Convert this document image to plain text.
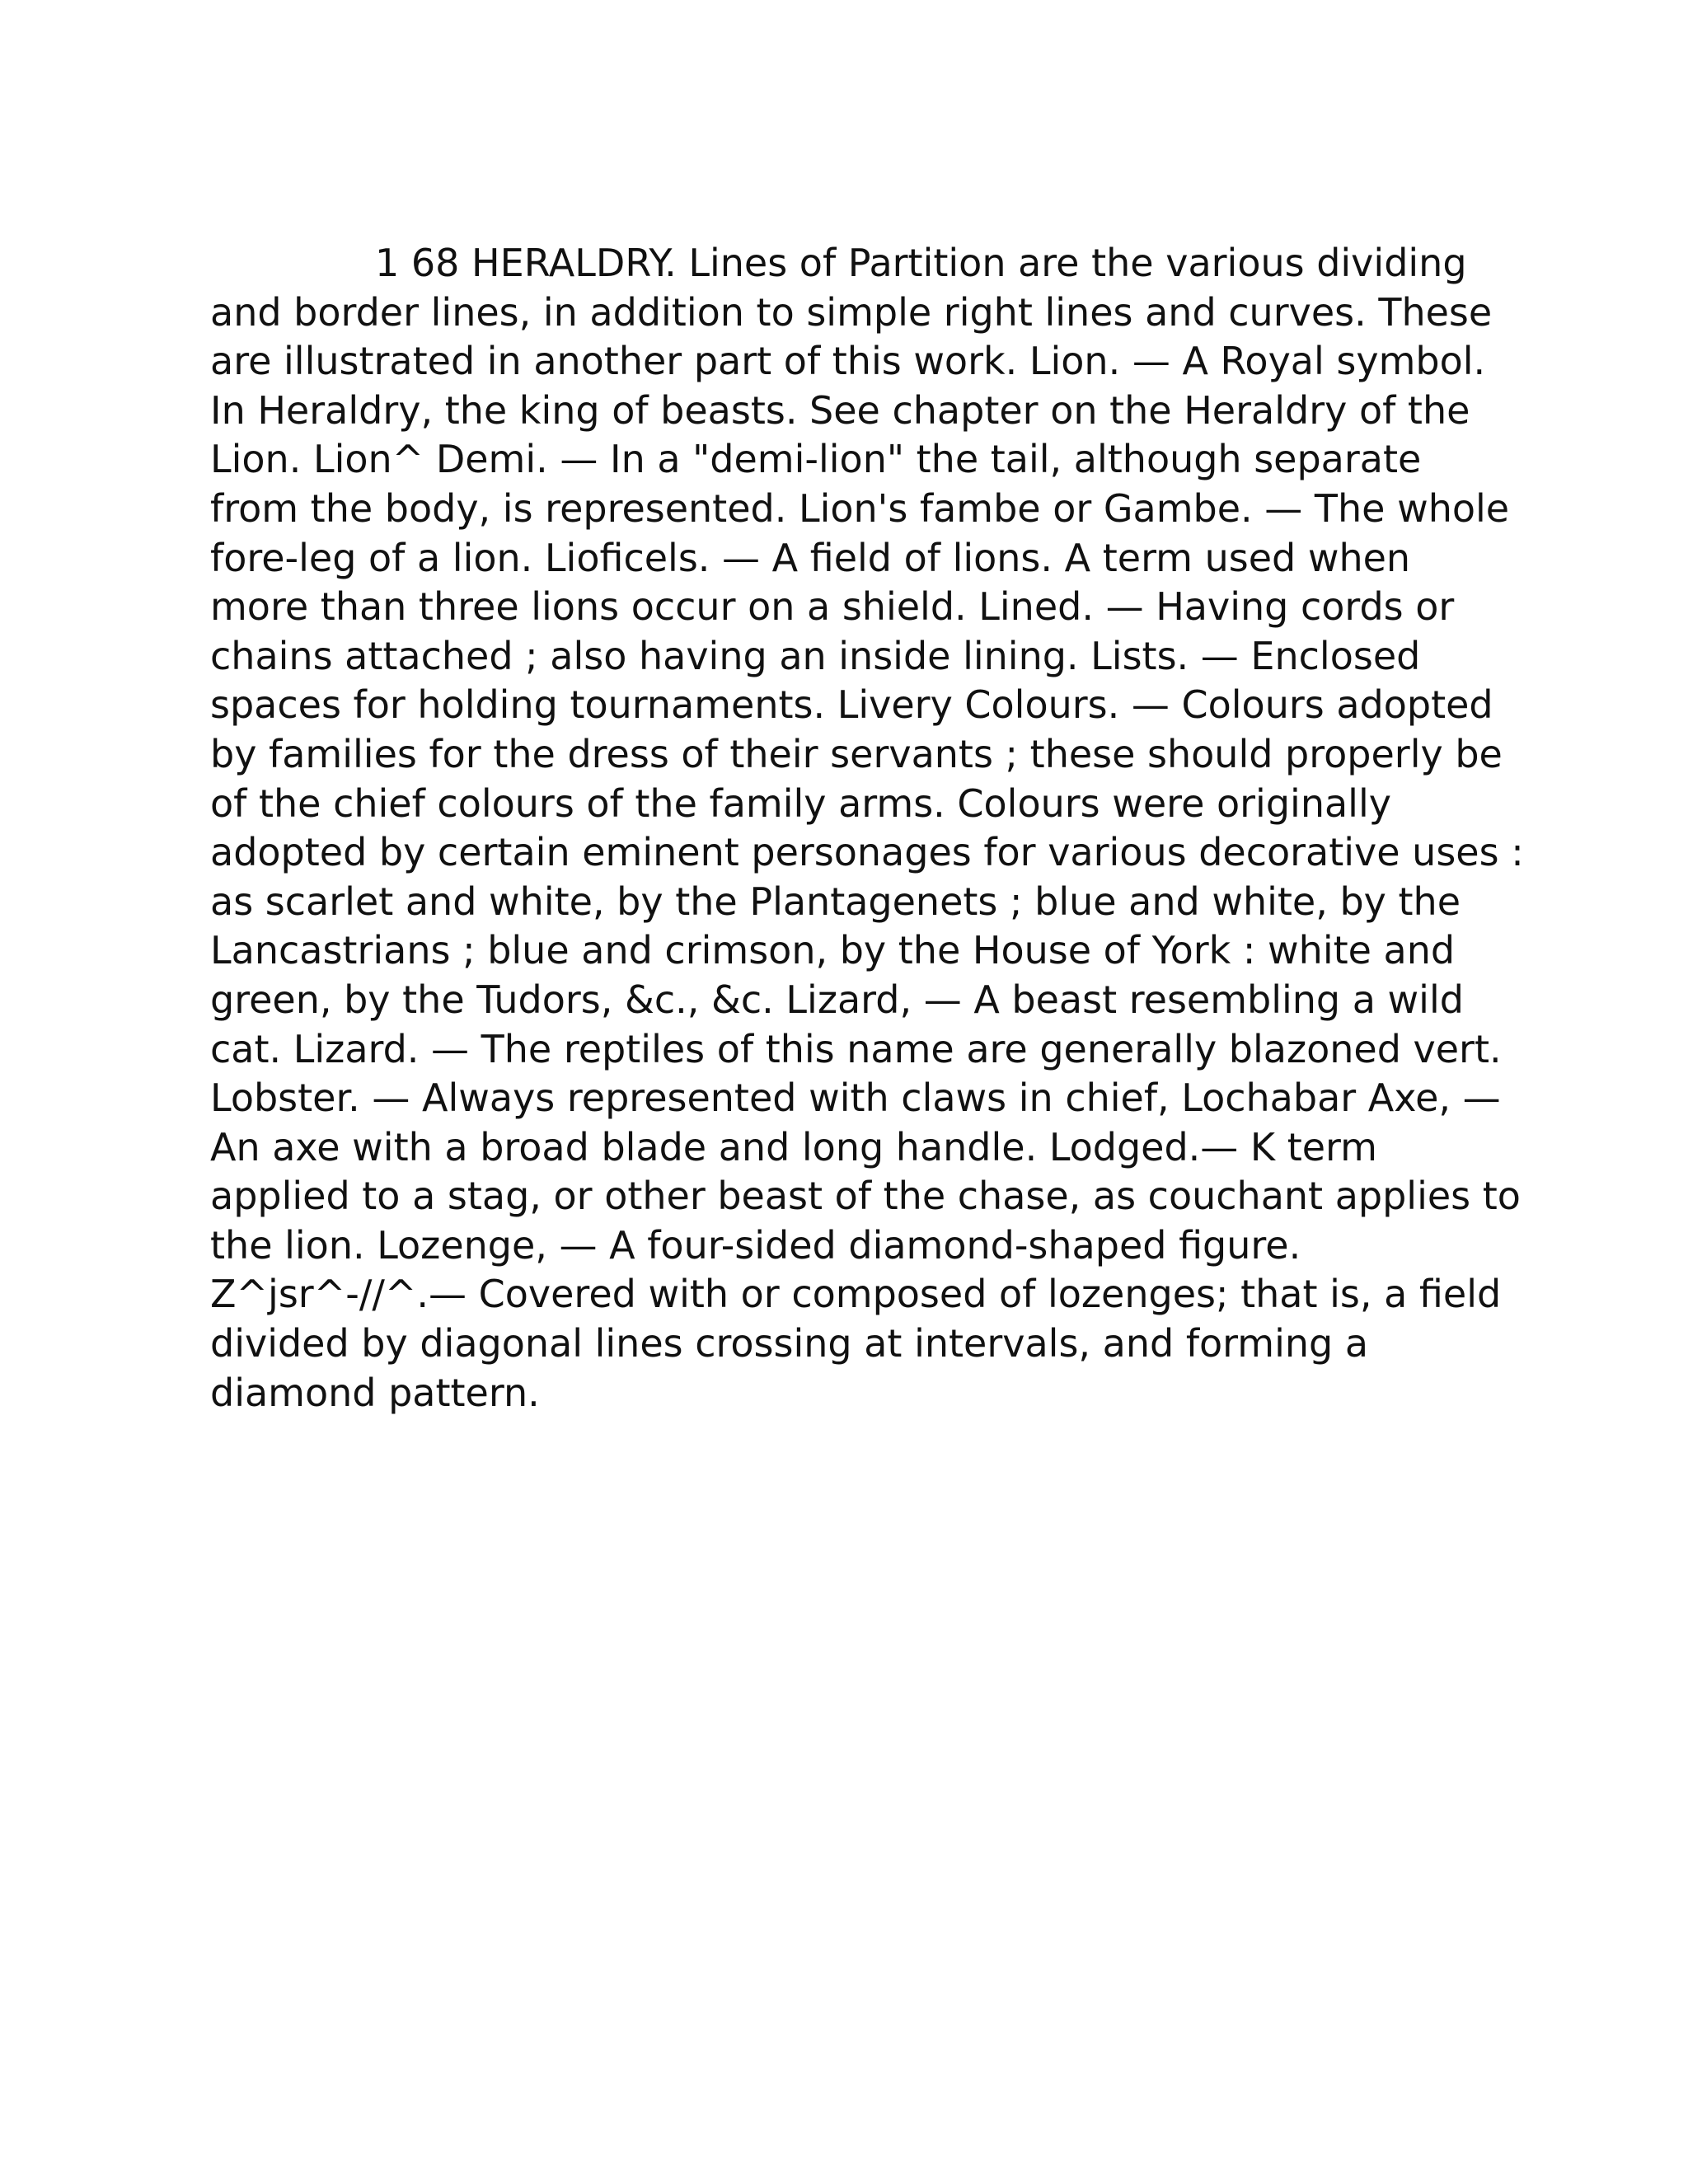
1 68 HERALDRY. Lines of Partition are the various dividing
and border lines, in addition to simple right lines and curves. These
are illustrated in another part of this work. Lion. — A Royal symbol.
In Heraldry, the king of beasts. See chapter on the Heraldry of the
Lion. Lion^ Demi. — In a "demi-lion" the tail, although separate
from the body, is represented. Lion's fambe or Gambe. — The whole
fore-leg of a lion. Lioficels. — A field of lions. A term used when
more than three lions occur on a shield. Lined. — Having cords or
chains attached ; also having an inside lining. Lists. — Enclosed
spaces for holding tournaments. Livery Colours. — Colours adopted
by families for the dress of their servants ; these should properly be
of the chief colours of the family arms. Colours were originally
adopted by certain eminent personages for various decorative uses :
as scarlet and white, by the Plantagenets ; blue and white, by the
Lancastrians ; blue and crimson, by the House of York : white and
green, by the Tudors, &c., &c. Lizard, — A beast resembling a wild
cat. Lizard. — The reptiles of this name are generally blazoned vert.
Lobster. — Always represented with claws in chief, Lochabar Axe, —
An axe with a broad blade and long handle. Lodged.— K term
applied to a stag, or other beast of the chase, as couchant applies to
the lion. Lozenge, — A four-sided diamond-shaped figure.
Z^jsr^-//^.— Covered with or composed of lozenges; that is, a field
divided by diagonal lines crossing at intervals, and forming a
diamond pattern.
